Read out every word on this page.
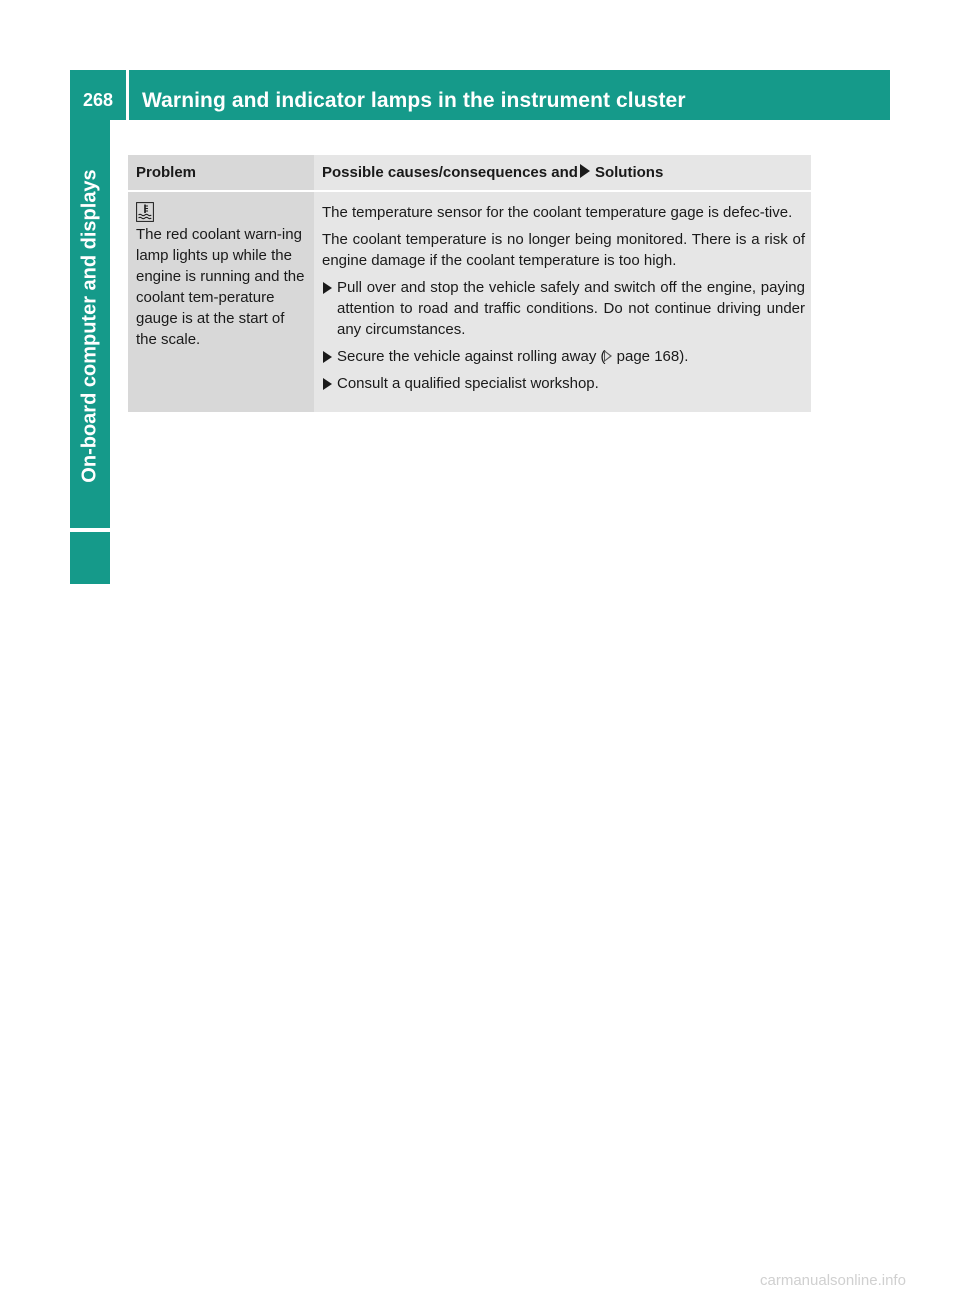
268	Warning and indicator lamps in the instrument cluster
On-board computer and displays Problem	Possible causes/consequences and Solutions

The red coolant warn-ing lamp lights up while the engine is running and the coolant tem-perature gauge is at the start of the scale.	The temperature sensor for the coolant temperature gage is defec-tive.

The coolant temperature is no longer being monitored. There is a risk of engine damage if the coolant temperature is too high.

Pull over and stop the vehicle safely and switch off the engine, paying attention to road and traffic conditions. Do not continue driving under any circumstances.
Secure the vehicle against rolling away ( page 168).
Consult a qualified specialist workshop.
carmanualsonline.info
